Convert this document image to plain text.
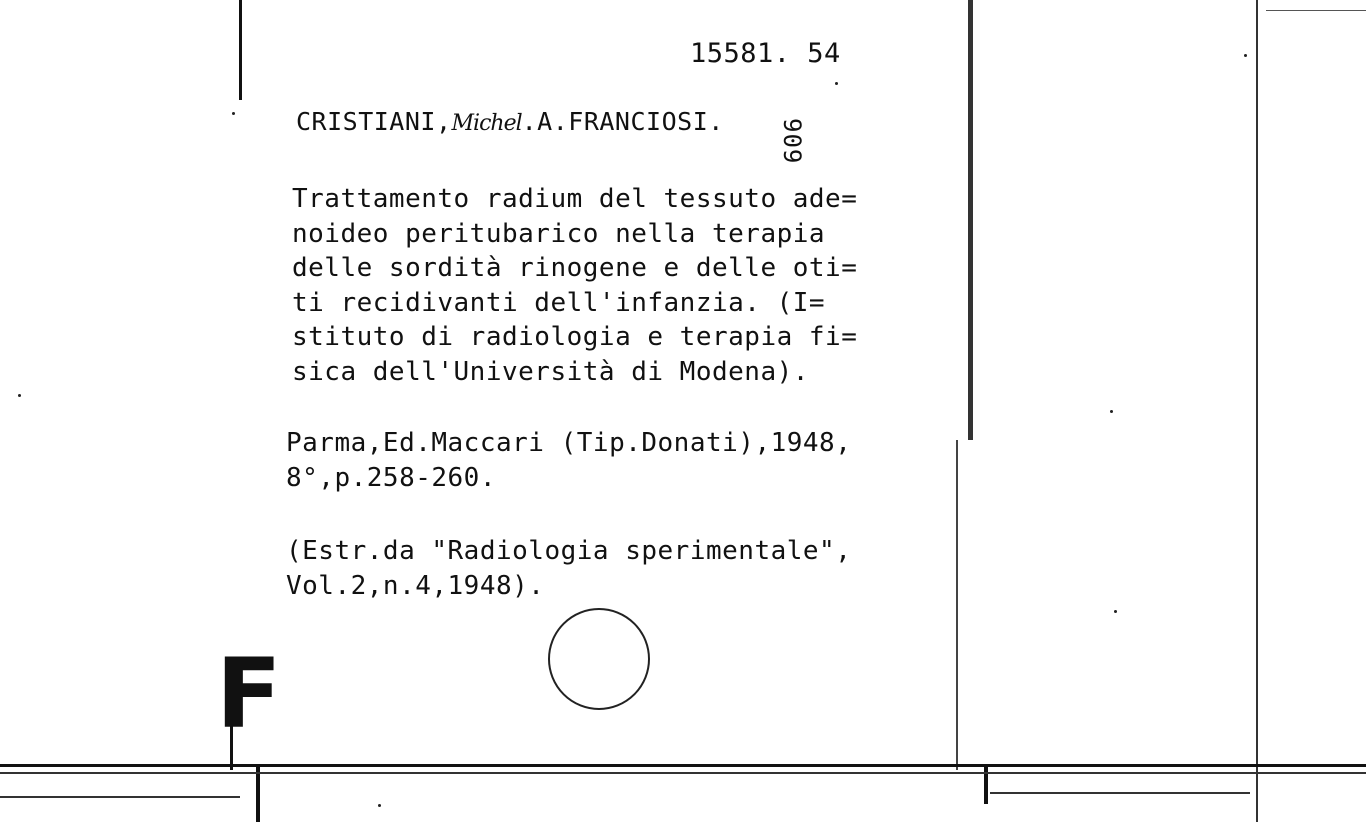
15581. 54
CRISTIANI,Michel.A.FRANCIOSI. 909
Trattamento radium del tessuto ade=
noideo peritubarico nella terapia
delle sordità rinogene e delle oti=
ti recidivanti dell'infanzia. (I=
stituto di radiologia e terapia fi=
sica dell'Università di Modena).
Parma,Ed.Maccari (Tip.Donati),1948,
8°,p.258-260.
(Estr.da "Radiologia sperimentale",
Vol.2,n.4,1948).
F
